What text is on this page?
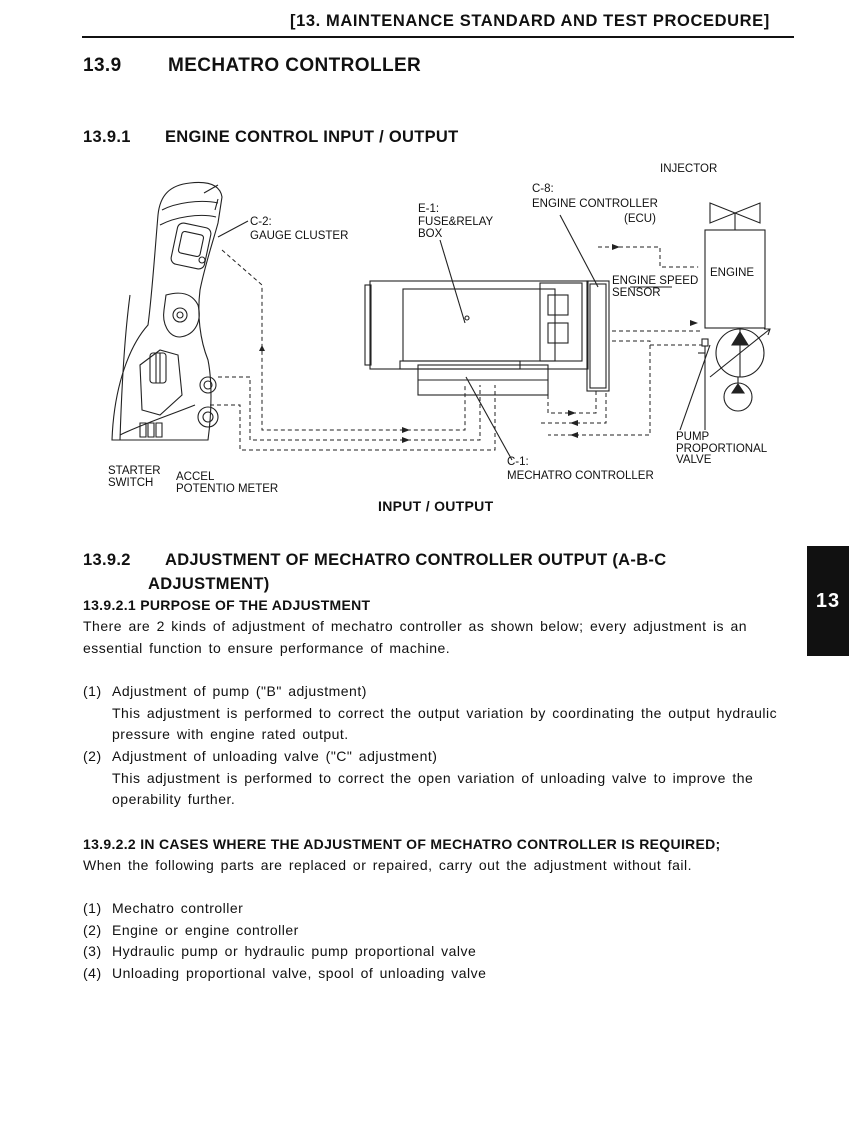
[13. MAINTENANCE STANDARD AND TEST PROCEDURE]
13.9 MECHATRO CONTROLLER
13.9.1 ENGINE CONTROL INPUT / OUTPUT
INJECTOR
C-8:
ENGINE CONTROLLER
(ECU)
E-1:
FUSE&RELAY
BOX
C-2:
GAUGE CLUSTER
ENGINE
ENGINE SPEED
SENSOR
PUMP
PROPORTIONAL
VALVE
C-1:
MECHATRO CONTROLLER
STARTER
SWITCH ACCEL
POTENTIO METER
INPUT / OUTPUT
13
13.9.2 ADJUSTMENT OF MECHATRO CONTROLLER OUTPUT (A-B-C
ADJUSTMENT)
13.9.2.1 PURPOSE OF THE ADJUSTMENT
There are 2 kinds of adjustment of mechatro controller as shown below; every adjustment is an
essential function to ensure performance of machine.
(1) Adjustment of pump ("B" adjustment)
This adjustment is performed to correct the output variation by coordinating the output hydraulic
pressure with engine rated output.
(2) Adjustment of unloading valve ("C" adjustment)
This adjustment is performed to correct the open variation of unloading valve to improve the
operability further.
13.9.2.2 IN CASES WHERE THE ADJUSTMENT OF MECHATRO CONTROLLER IS REQUIRED;
When the following parts are replaced or repaired, carry out the adjustment without fail.
(1) Mechatro controller
(2) Engine or engine controller
(3) Hydraulic pump or hydraulic pump proportional valve
(4) Unloading proportional valve, spool of unloading valve
